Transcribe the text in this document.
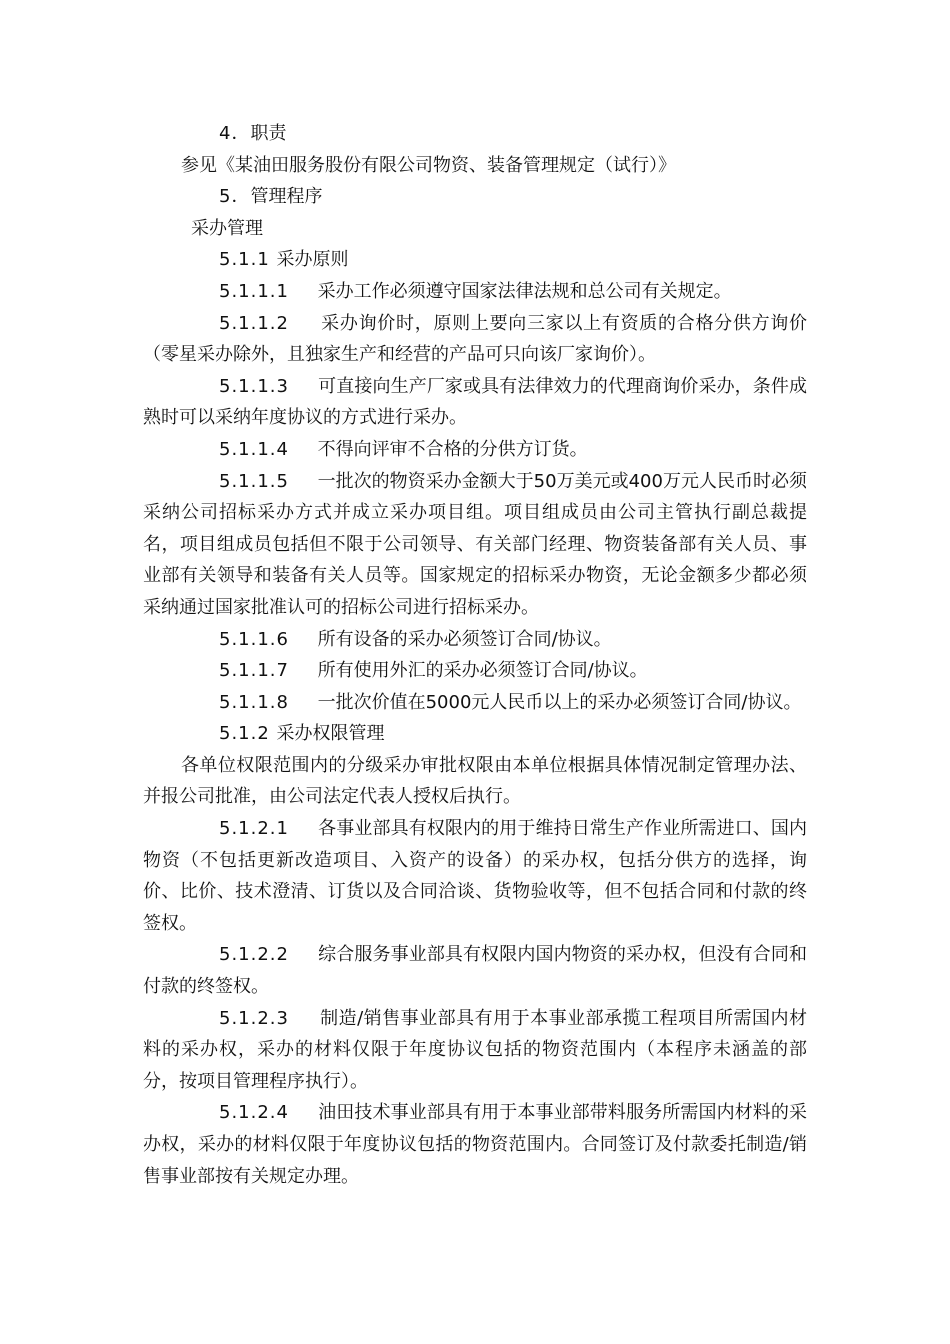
4．职责

参见《某油田服务股份有限公司物资、装备管理规定（试行）》

5．管理程序

采办管理

5.1.1 采办原则

5.1.1.1 采办工作必须遵守国家法律法规和总公司有关规定。

5.1.1.2 采办询价时，原则上要向三家以上有资质的合格分供方询价（零星采办除外，且独家生产和经营的产品可只向该厂家询价）。

5.1.1.3 可直接向生产厂家或具有法律效力的代理商询价采办，条件成熟时可以采纳年度协议的方式进行采办。

5.1.1.4 不得向评审不合格的分供方订货。

5.1.1.5 一批次的物资采办金额大于50万美元或400万元人民币时必须采纳公司招标采办方式并成立采办项目组。项目组成员由公司主管执行副总裁提名，项目组成员包括但不限于公司领导、有关部门经理、物资装备部有关人员、事业部有关领导和装备有关人员等。国家规定的招标采办物资，无论金额多少都必须采纳通过国家批准认可的招标公司进行招标采办。

5.1.1.6 所有设备的采办必须签订合同/协议。

5.1.1.7 所有使用外汇的采办必须签订合同/协议。

5.1.1.8 一批次价值在5000元人民币以上的采办必须签订合同/协议。

5.1.2 采办权限管理

各单位权限范围内的分级采办审批权限由本单位根据具体情况制定管理办法、并报公司批准，由公司法定代表人授权后执行。

5.1.2.1 各事业部具有权限内的用于维持日常生产作业所需进口、国内物资（不包括更新改造项目、入资产的设备）的采办权，包括分供方的选择，询价、比价、技术澄清、订货以及合同洽谈、货物验收等，但不包括合同和付款的终签权。

5.1.2.2 综合服务事业部具有权限内国内物资的采办权，但没有合同和付款的终签权。

5.1.2.3 制造/销售事业部具有用于本事业部承揽工程项目所需国内材料的采办权，采办的材料仅限于年度协议包括的物资范围内（本程序未涵盖的部分，按项目管理程序执行）。

5.1.2.4 油田技术事业部具有用于本事业部带料服务所需国内材料的采办权，采办的材料仅限于年度协议包括的物资范围内。合同签订及付款委托制造/销售事业部按有关规定办理。
